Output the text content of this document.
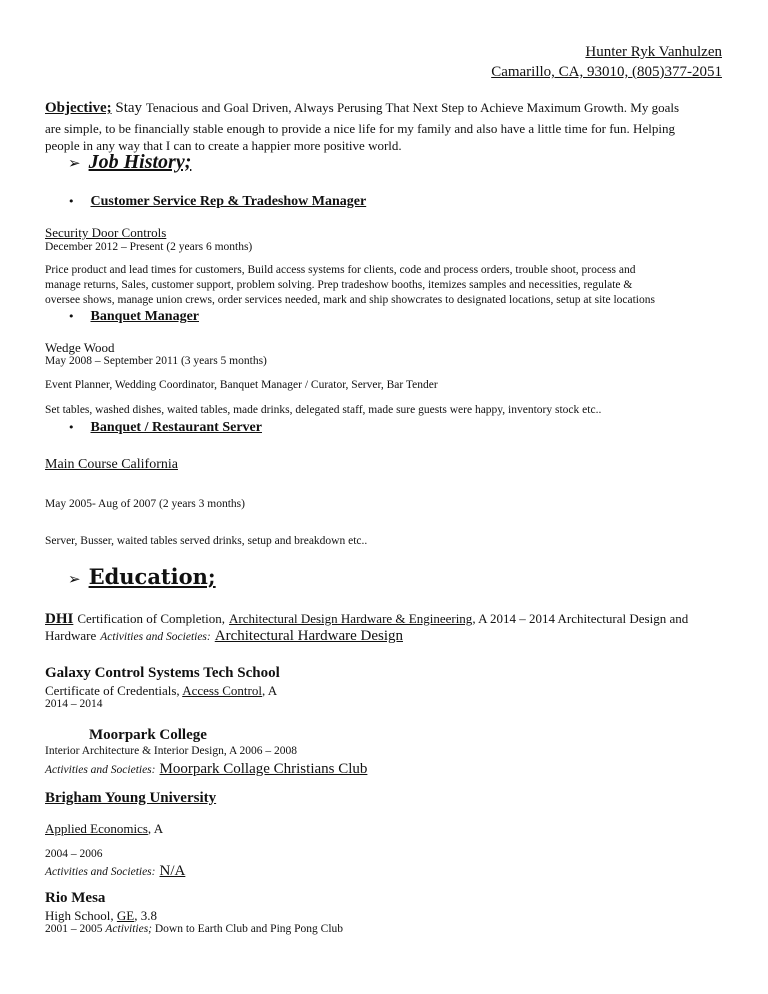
Hunter Ryk Vanhulzen
Camarillo, CA, 93010, (805)377-2051
Objective; Stay Tenacious and Goal Driven, Always Perusing That Next Step to Achieve Maximum Growth. My goals
are simple, to be financially stable enough to provide a nice life for my family and also have a little time for fun. Helping
people in any way that I can to create a happier more positive world.
➢ Job History;
• Customer Service Rep & Tradeshow Manager
Security Door Controls
December 2012 – Present (2 years 6 months)
Price product and lead times for customers, Build access systems for clients, code and process orders, trouble shoot, process and
manage returns, Sales, customer support, problem solving. Prep tradeshow booths, itemizes samples and necessities, regulate &
oversee shows, manage union crews, order services needed, mark and ship showcrates to designated locations, setup at site locations
• Banquet Manager
Wedge Wood
May 2008 – September 2011 (3 years 5 months)
Event Planner, Wedding Coordinator, Banquet Manager / Curator, Server, Bar Tender
Set tables, washed dishes, waited tables, made drinks, delegated staff, made sure guests were happy, inventory stock etc..
• Banquet / Restaurant Server
Main Course California
May 2005- Aug of 2007 (2 years 3 months)
Server, Busser, waited tables served drinks, setup and breakdown etc..
➢ Education;
DHI Certification of Completion, Architectural Design Hardware & Engineering, A 2014 – 2014 Architectural Design and
Hardware Activities and Societies: Architectural Hardware Design
Galaxy Control Systems Tech School
Certificate of Credentials, Access Control, A
2014 – 2014
Moorpark College
Interior Architecture & Interior Design, A 2006 – 2008
Activities and Societies: Moorpark Collage Christians Club
Brigham Young University
Applied Economics, A
2004 – 2006
Activities and Societies: N/A
Rio Mesa
High School, GE, 3.8
2001 – 2005 Activities; Down to Earth Club and Ping Pong Club
